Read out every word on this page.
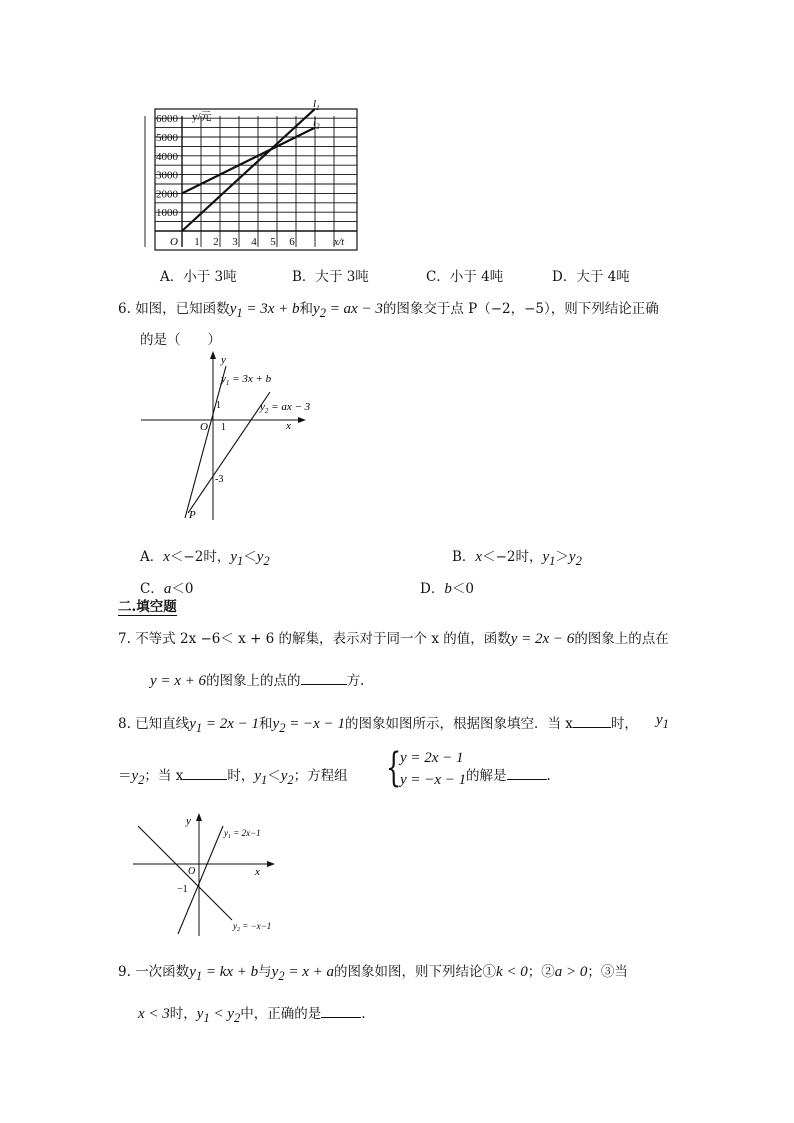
$l_1$
$l_2$
1000
2000
3000
4000
5000
6000
1 2 3 4 5 6
O
y/元
x/t
A．小于 3吨	B．大于 3吨	C．小于 4吨	D．大于 4吨
6. 如图，已知函数$y_1 = 3x + b$和$y_2$ = ax − 3的图象交于点 P（−2，−5），则下列结论正确
的是（　　）
y
x
O 1
1
-3
P
$y_1 = 3x + b$
$y_2$ = ax − 3
A．x＜−2时，$y_1<y_2$	B．x＜−2时，$y_1>y_2$
C．a＜0	D．b＜0
二.填空题
7. 不等式 2x −6＜ x + 6 的解集，表示对于同一个 x 的值，函数y = 2x − 6的图象上的点在
y = x + 6的图象上的点的	方.
8. 已知直线$y_1 = 2x - 1$和$y_2 = -x - 1$的图象如图所示，根据图象填空．当 x	时， $y_1$
$=y_2$；当 x	时，$y_1<y_2$；方程组 {
y = 2x − 1
y = −x − 1 的解是	.
y
x
O
−1
$y_1 = 2x-1$
$y_2 = -x-1$
9. 一次函数$y_1$ = kx + b与$y_2 = x + a$的图象如图，则下列结论①k < 0；②a > 0；③当
x < 3时，$y_1 < y_2$中，正确的是	.
